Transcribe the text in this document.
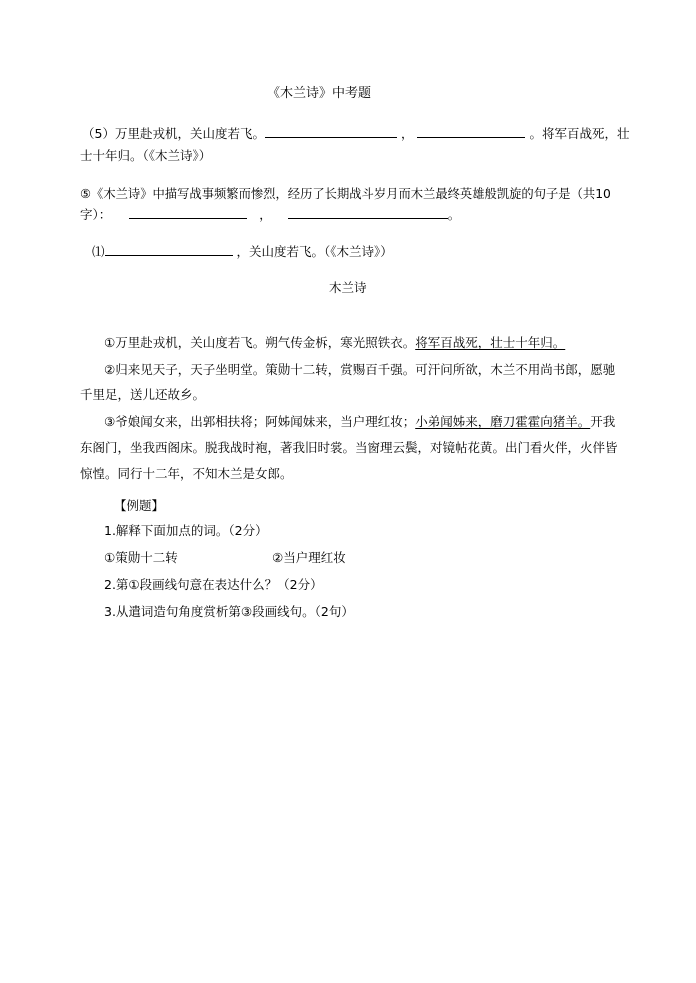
《木兰诗》中考题
（5）万里赴戎机，关山度若飞。	，	。将军百战死，壮
士十年归。（《木兰诗》）
⑤《木兰诗》中描写战事频繁而惨烈，经历了长期战斗岁月而木兰最终英雄般凯旋的句子是（共10
字）：	，	。
⑴	，关山度若飞。（《木兰诗》）
木兰诗
①万里赴戎机，关山度若飞。朔气传金柝，寒光照铁衣。将军百战死，壮士十年归。
②归来见天子，天子坐明堂。策勋十二转，赏赐百千强。可汗问所欲，木兰不用尚书郎，愿驰
千里足，送儿还故乡。
③爷娘闻女来，出郭相扶将；阿姊闻妹来，当户理红妆；小弟闻姊来，磨刀霍霍向猪羊。开我
东阁门，坐我西阁床。脱我战时袍，著我旧时裳。当窗理云鬓，对镜帖花黄。出门看火伴，火伴皆
惊惶。同行十二年，不知木兰是女郎。
【例题】
1.解释下面加点的词。（2分）
①策勋十二转	②当户理红妆
2.第①段画线句意在表达什么？（2分）
3.从遣词造句角度赏析第③段画线句。（2句）
